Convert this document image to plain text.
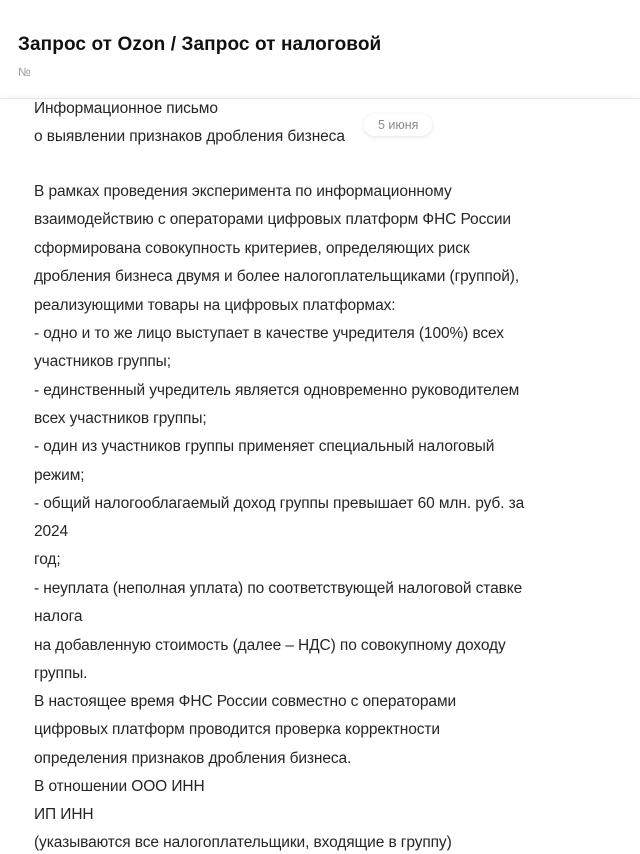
Запрос от Ozon / Запрос от налоговой
№
Информационное письмо
о выявлении признаков дробления бизнеса
В рамках проведения эксперимента по информационному
взаимодействию с операторами цифровых платформ ФНС России
сформирована совокупность критериев, определяющих риск
дробления бизнеса двумя и более налогоплательщиками (группой),
реализующими товары на цифровых платформах:
- одно и то же лицо выступает в качестве учредителя (100%) всех
участников группы;
- единственный учредитель является одновременно руководителем
всех участников группы;
- один из участников группы применяет специальный налоговый
режим;
- общий налогооблагаемый доход группы превышает 60 млн. руб. за
2024
год;
- неуплата (неполная уплата) по соответствующей налоговой ставке
налога
на добавленную стоимость (далее – НДС) по совокупному доходу
группы.
В настоящее время ФНС России совместно с операторами
цифровых платформ проводится проверка корректности
определения признаков дробления бизнеса.
В отношении ООО ИНН
ИП ИНН
(указываются все налогоплательщики, входящие в группу)
5 июня
